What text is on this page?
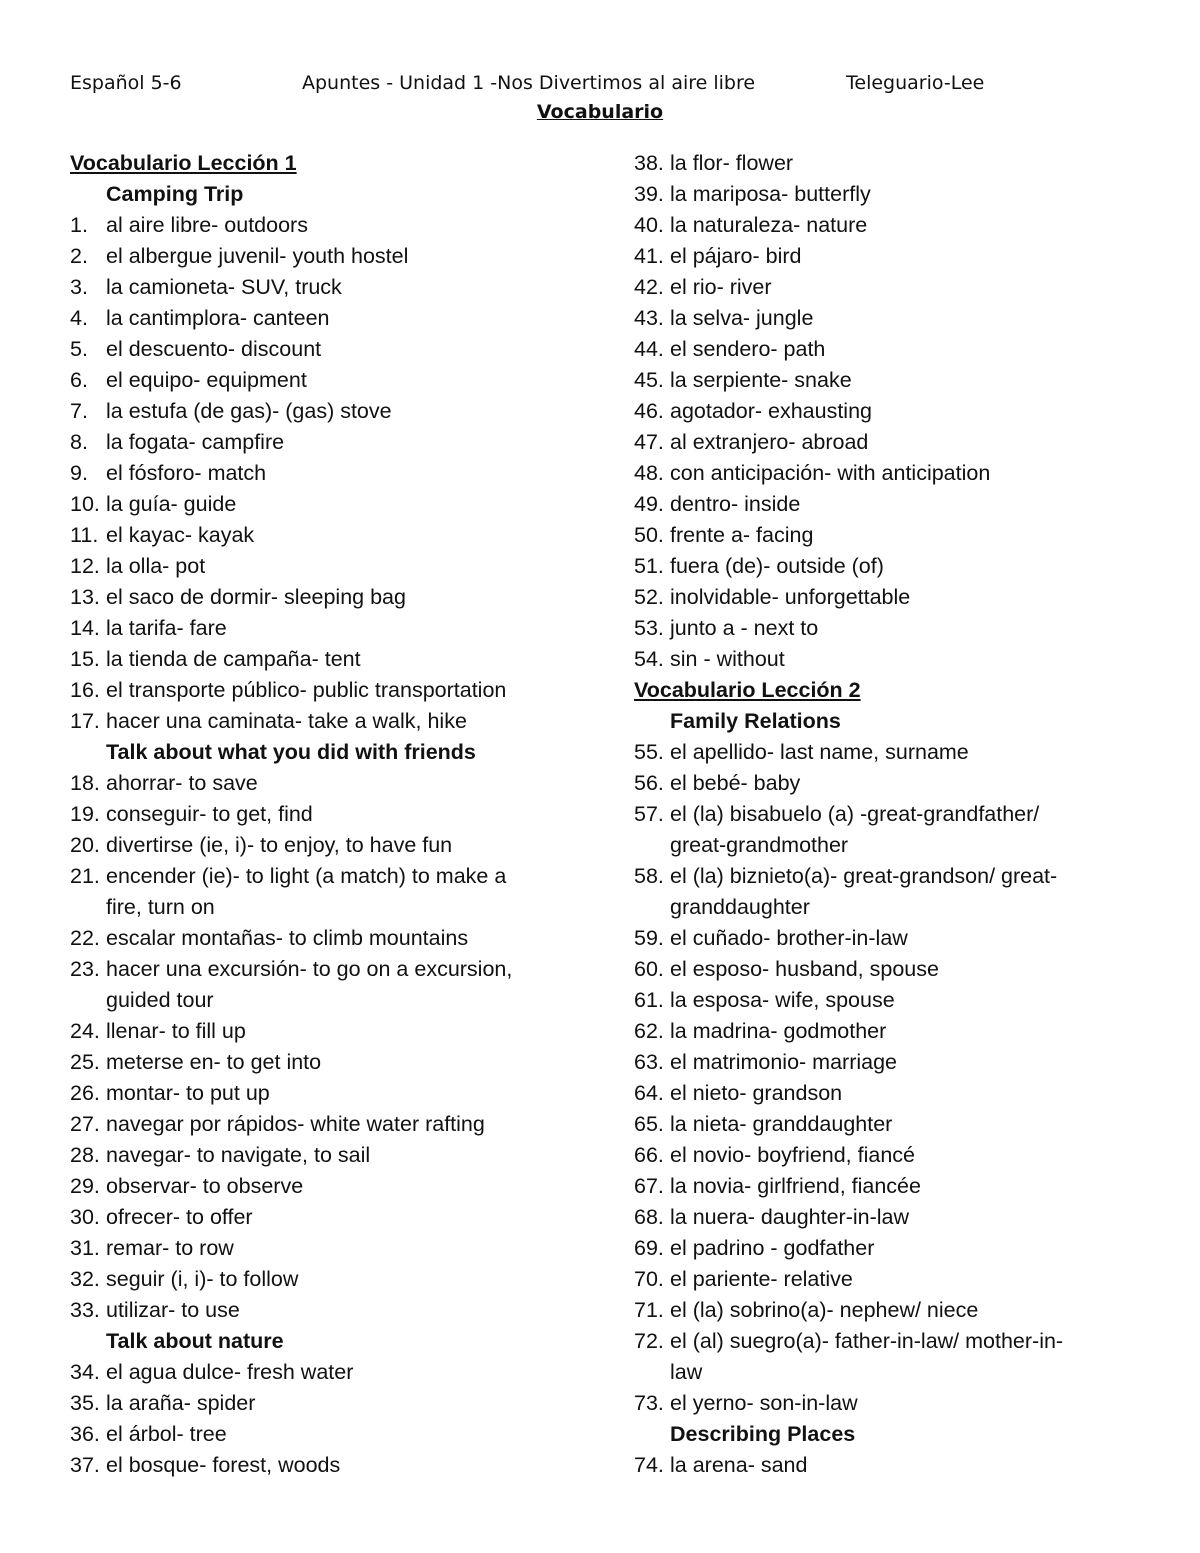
Español 5-6	Apuntes - Unidad 1 -Nos Divertimos al aire libre	Teleguario-Lee
Vocabulario
Vocabulario Lección 1
Camping Trip
1. al aire libre- outdoors
2. el albergue juvenil- youth hostel
3. la camioneta- SUV, truck
4. la cantimplora- canteen
5. el descuento- discount
6. el equipo- equipment
7. la estufa (de gas)- (gas) stove
8. la fogata- campfire
9. el fósforo- match
10. la guía- guide
11. el kayac- kayak
12. la olla- pot
13. el saco de dormir- sleeping bag
14. la tarifa- fare
15. la tienda de campaña- tent
16. el transporte público- public transportation
17. hacer una caminata- take a walk, hike
Talk about what you did with friends
18. ahorrar- to save
19. conseguir- to get, find
20. divertirse (ie, i)- to enjoy, to have fun
21. encender (ie)- to light (a match) to make a
fire, turn on
22. escalar montañas- to climb mountains
23. hacer una excursión- to go on a excursion,
guided tour
24. llenar- to fill up
25. meterse en- to get into
26. montar- to put up
27. navegar por rápidos- white water rafting
28. navegar- to navigate, to sail
29. observar- to observe
30. ofrecer- to offer
31. remar- to row
32. seguir (i, i)- to follow
33. utilizar- to use
Talk about nature
34. el agua dulce- fresh water
35. la araña- spider
36. el árbol- tree
37. el bosque- forest, woods
38. la flor- flower
39. la mariposa- butterfly
40. la naturaleza- nature
41. el pájaro- bird
42. el rio- river
43. la selva- jungle
44. el sendero- path
45. la serpiente- snake
46. agotador- exhausting
47. al extranjero- abroad
48. con anticipación- with anticipation
49. dentro- inside
50. frente a- facing
51. fuera (de)- outside (of)
52. inolvidable- unforgettable
53. junto a - next to
54. sin - without
Vocabulario Lección 2
Family Relations
55. el apellido- last name, surname
56. el bebé- baby
57. el (la) bisabuelo (a) -great-grandfather/
great-grandmother
58. el (la) biznieto(a)- great-grandson/ great-
granddaughter
59. el cuñado- brother-in-law
60. el esposo- husband, spouse
61. la esposa- wife, spouse
62. la madrina- godmother
63. el matrimonio- marriage
64. el nieto- grandson
65. la nieta- granddaughter
66. el novio- boyfriend, fiancé
67. la novia- girlfriend, fiancée
68. la nuera- daughter-in-law
69. el padrino - godfather
70. el pariente- relative
71. el (la) sobrino(a)- nephew/ niece
72. el (al) suegro(a)- father-in-law/ mother-in-
law
73. el yerno- son-in-law
Describing Places
74. la arena- sand
